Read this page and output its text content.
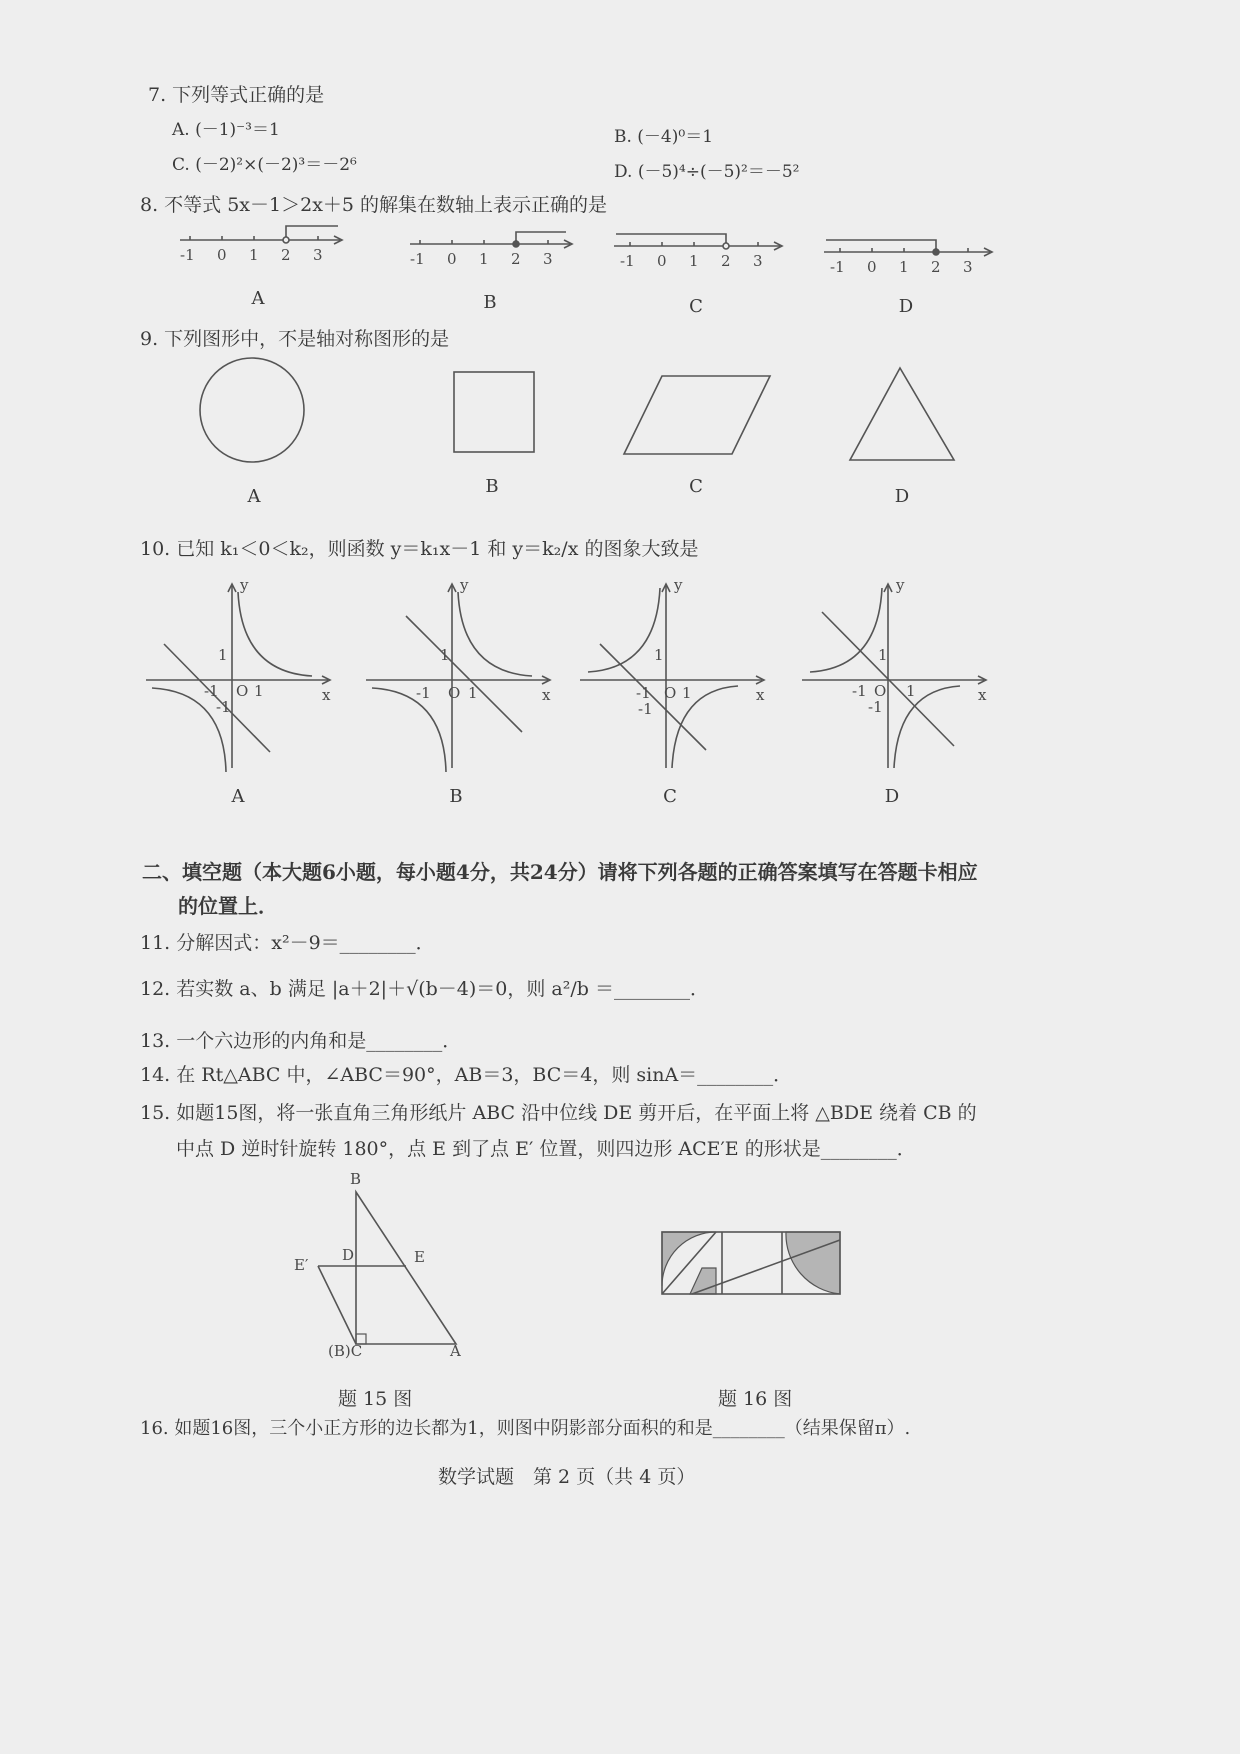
7. 下列等式正确的是
A. (－1)⁻³＝1	B. (－4)⁰＝1
C. (－2)²×(－2)³＝－2⁶	D. (－5)⁴÷(－5)²＝－5²
8. 不等式 5x－1＞2x＋5 的解集在数轴上表示正确的是
-1 0 1 2 3	-1 0 1 2 3	-1 0 1 2 3	-1 0 1 2 3
A	B	C	D
9. 下列图形中，不是轴对称图形的是
A	B	C	D
10. 已知 k₁＜0＜k₂，则函数 y＝k₁x－1 和 y＝k₂/x 的图象大致是
y
x
O
1
1
-1
-1
y
x
O
1
1
-1
y
x
O
1
1
-1
-1
y
x
O
1
1
-1
-1
A	B	C	D
二、填空题（本大题6小题，每小题4分，共24分）请将下列各题的正确答案填写在答题卡相应
的位置上．
11. 分解因式：x²－9＝________．
12. 若实数 a、b 满足 |a＋2|＋√(b－4)＝0，则 a²/b ＝________．
13. 一个六边形的内角和是________．
14. 在 Rt△ABC 中，∠ABC＝90°，AB＝3，BC＝4，则 sinA＝________．
15. 如题15图，将一张直角三角形纸片 ABC 沿中位线 DE 剪开后，在平面上将 △BDE 绕着 CB 的
中点 D 逆时针旋转 180°，点 E 到了点 E′ 位置，则四边形 ACE′E 的形状是________．
B
D	E
E′
(B)C	A
题 15 图	题 16 图
16. 如题16图，三个小正方形的边长都为1，则图中阴影部分面积的和是________（结果保留π）.
数学试题　第 2 页（共 4 页）
